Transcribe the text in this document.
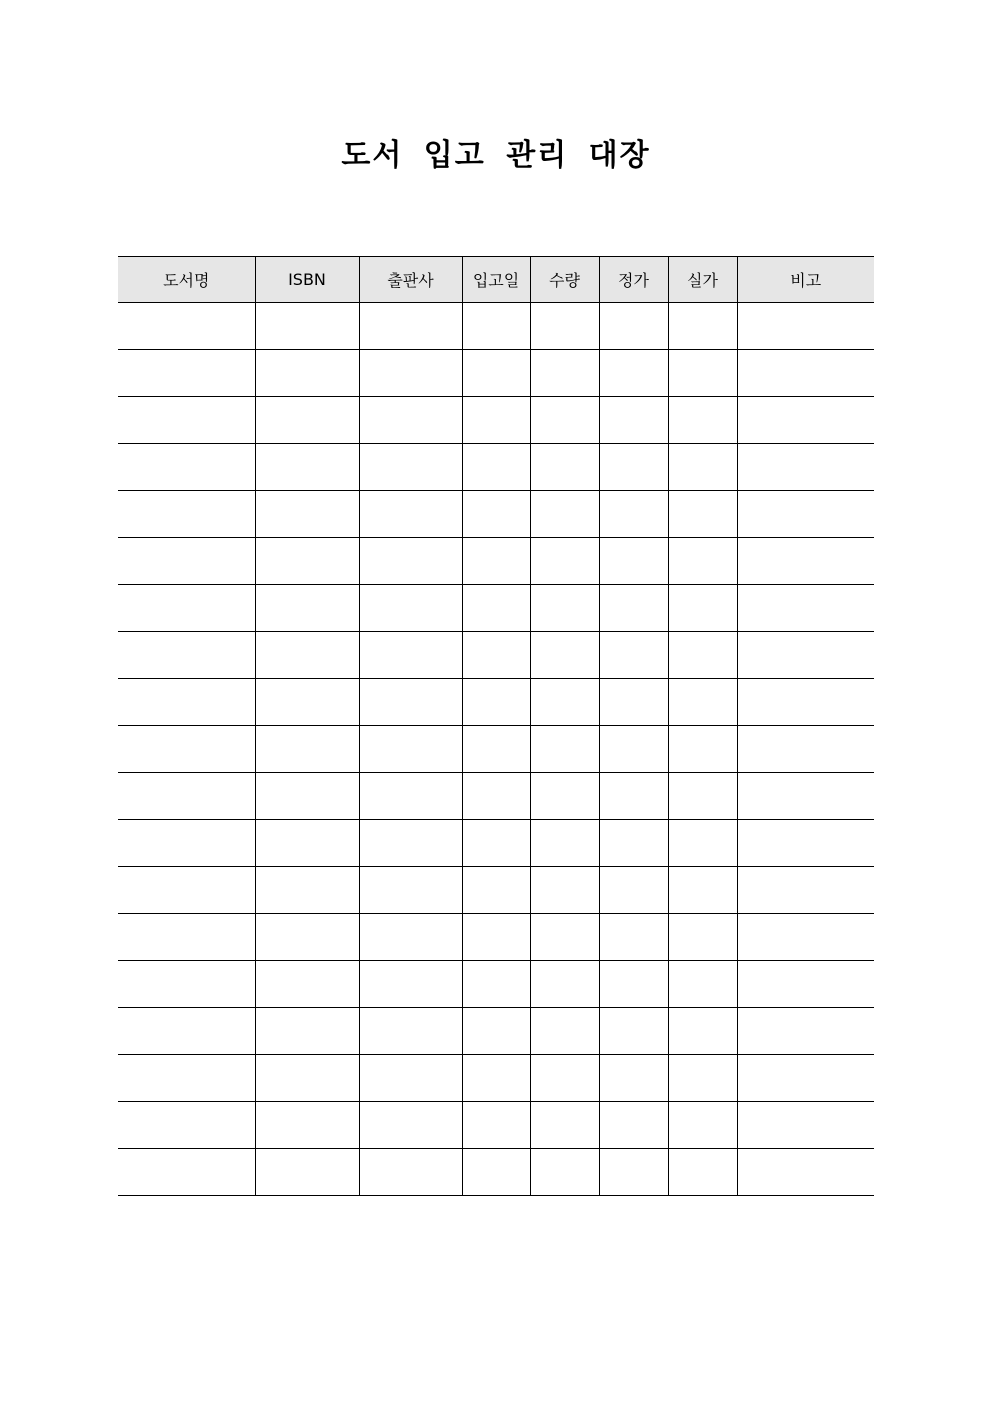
도서 입고 관리 대장
도서명	ISBN	출판사	입고일	수량	정가	실가	비고
